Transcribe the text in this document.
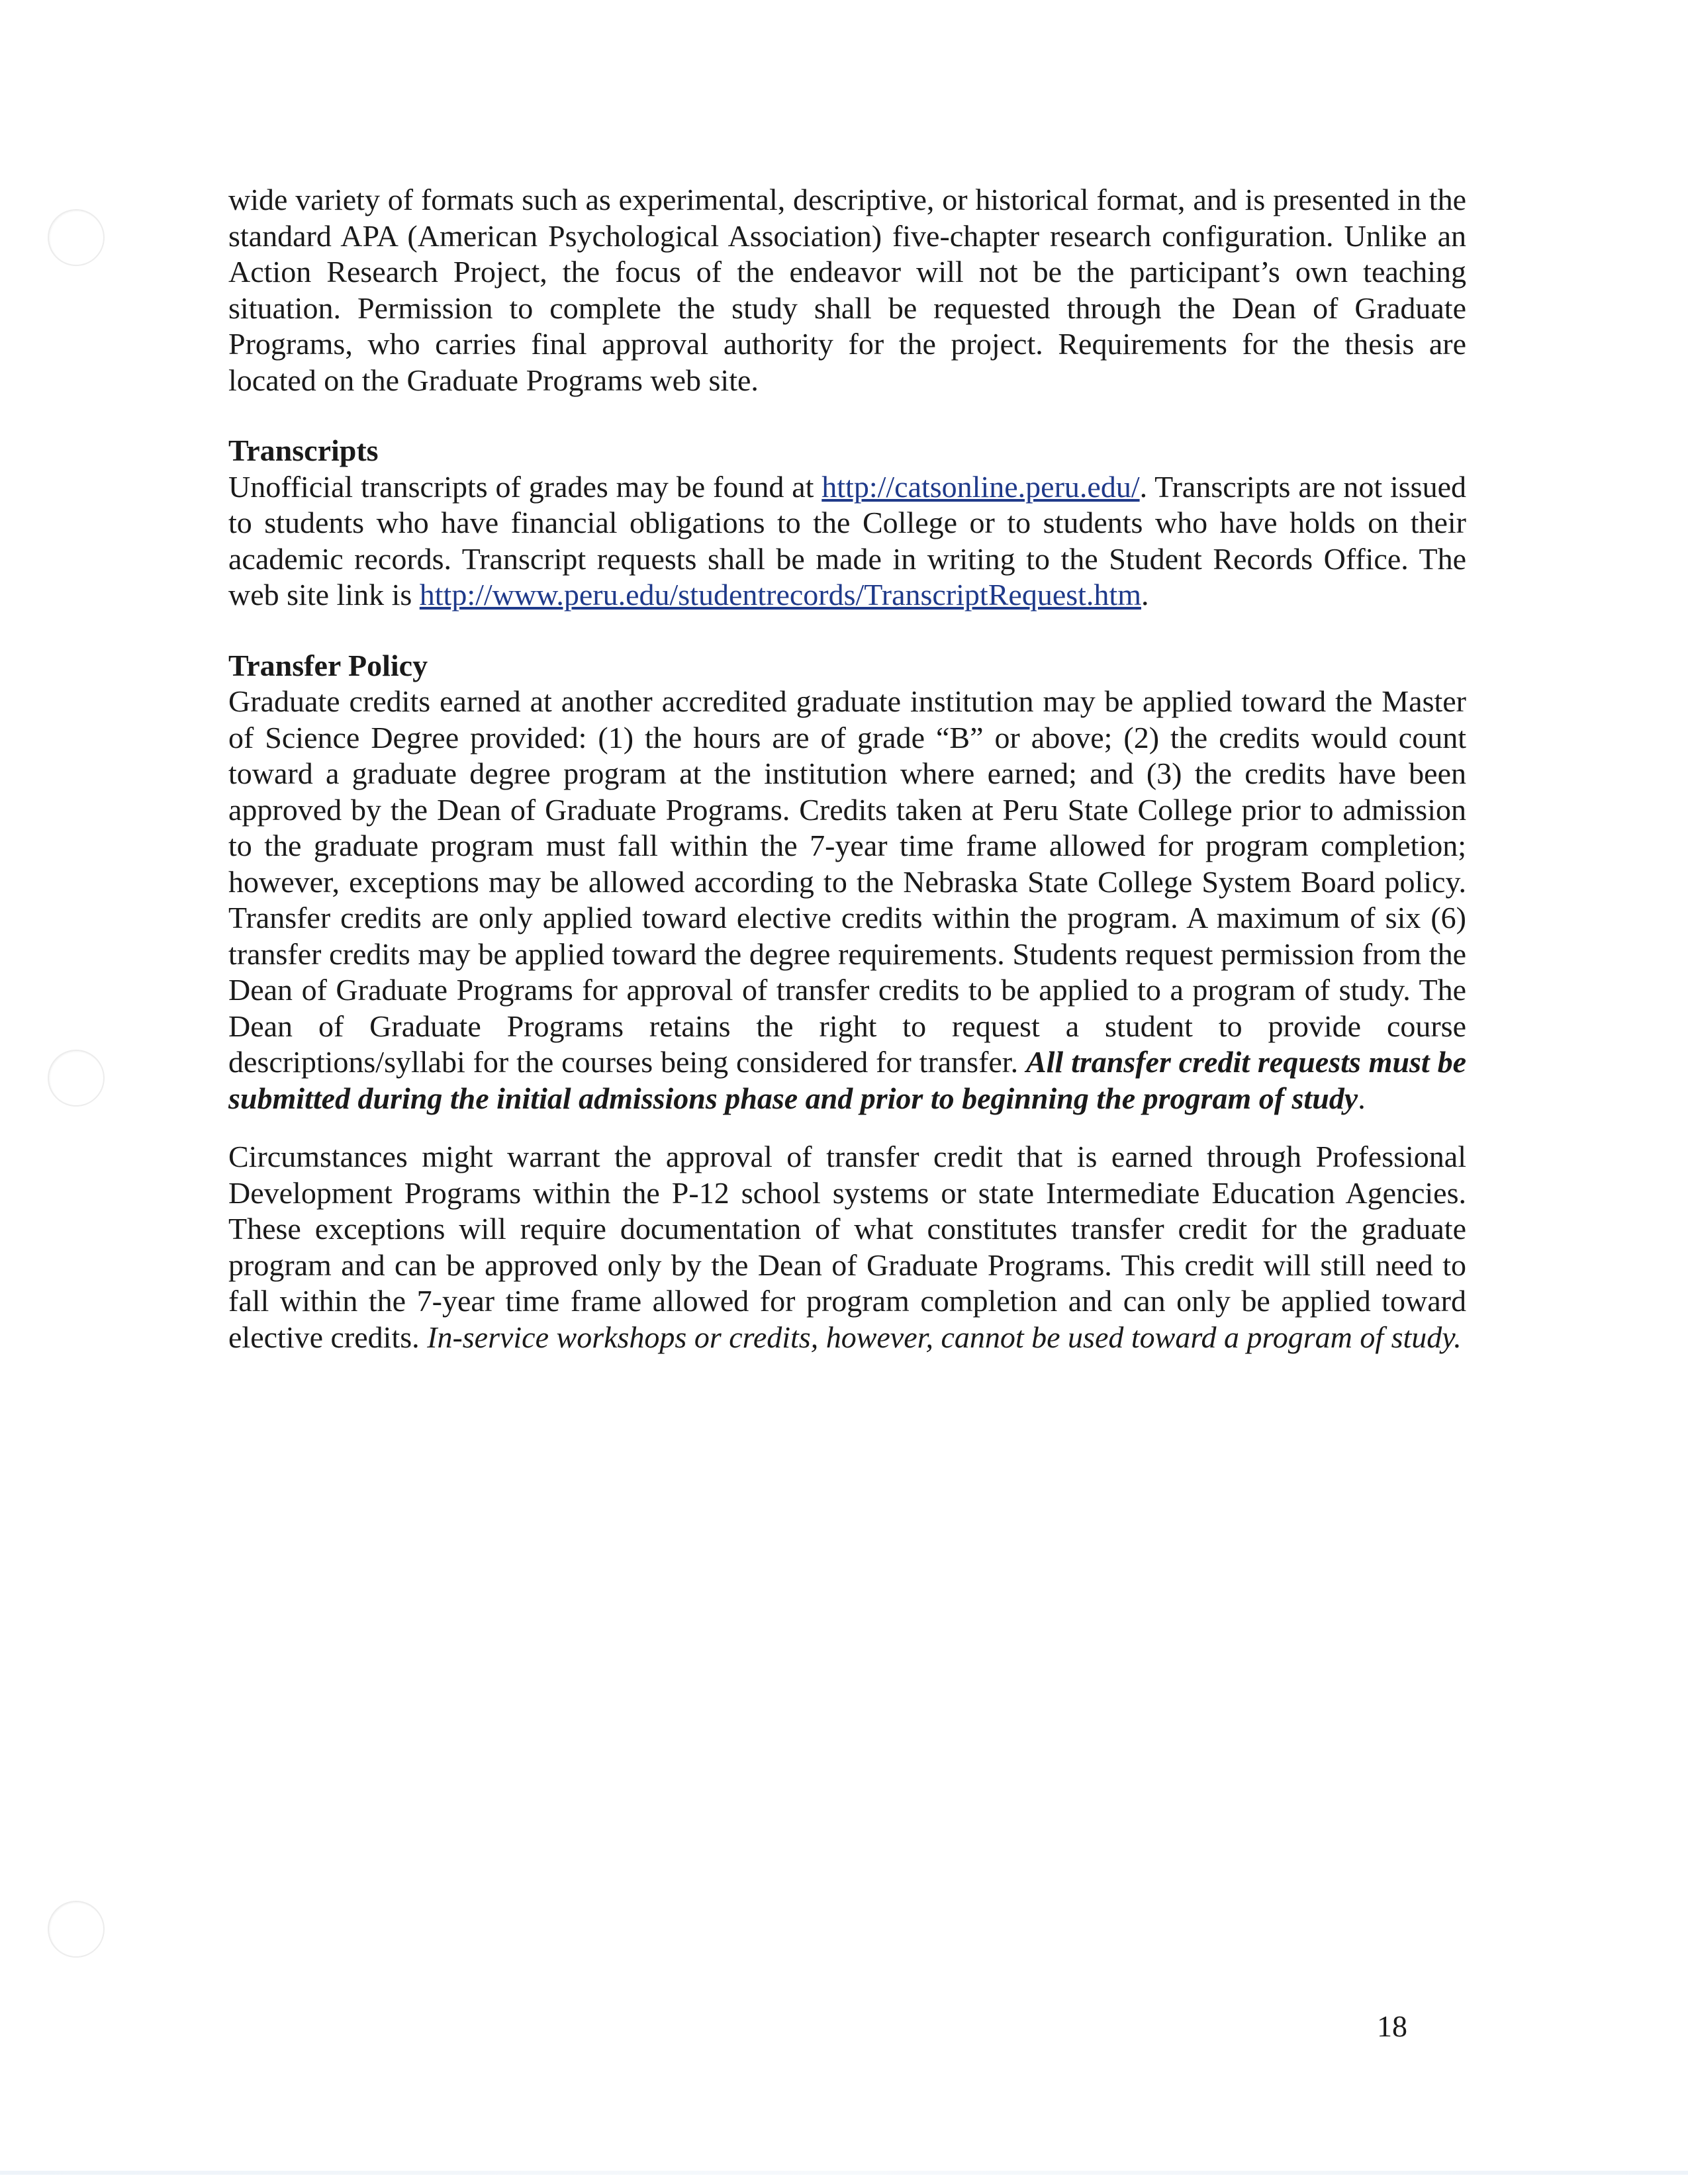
wide variety of formats such as experimental, descriptive, or historical format, and is presented in the standard APA (American Psychological Association) five-chapter research configuration. Unlike an Action Research Project, the focus of the endeavor will not be the participant’s own teaching situation. Permission to complete the study shall be requested through the Dean of Graduate Programs, who carries final approval authority for the project. Requirements for the thesis are located on the Graduate Programs web site.

Transcripts

Unofficial transcripts of grades may be found at http://catsonline.peru.edu/. Transcripts are not issued to students who have financial obligations to the College or to students who have holds on their academic records. Transcript requests shall be made in writing to the Student Records Office. The web site link is http://www.peru.edu/studentrecords/TranscriptRequest.htm.

Transfer Policy

Graduate credits earned at another accredited graduate institution may be applied toward the Master of Science Degree provided: (1) the hours are of grade “B” or above; (2) the credits would count toward a graduate degree program at the institution where earned; and (3) the credits have been approved by the Dean of Graduate Programs. Credits taken at Peru State College prior to admission to the graduate program must fall within the 7-year time frame allowed for program completion; however, exceptions may be allowed according to the Nebraska State College System Board policy. Transfer credits are only applied toward elective credits within the program. A maximum of six (6) transfer credits may be applied toward the degree requirements. Students request permission from the Dean of Graduate Programs for approval of transfer credits to be applied to a program of study. The Dean of Graduate Programs retains the right to request a student to provide course descriptions/syllabi for the courses being considered for transfer. All transfer credit requests must be submitted during the initial admissions phase and prior to beginning the program of study.

Circumstances might warrant the approval of transfer credit that is earned through Professional Development Programs within the P-12 school systems or state Intermediate Education Agencies. These exceptions will require documentation of what constitutes transfer credit for the graduate program and can be approved only by the Dean of Graduate Programs. This credit will still need to fall within the 7-year time frame allowed for program completion and can only be applied toward elective credits. In-service workshops or credits, however, cannot be used toward a program of study.

18
